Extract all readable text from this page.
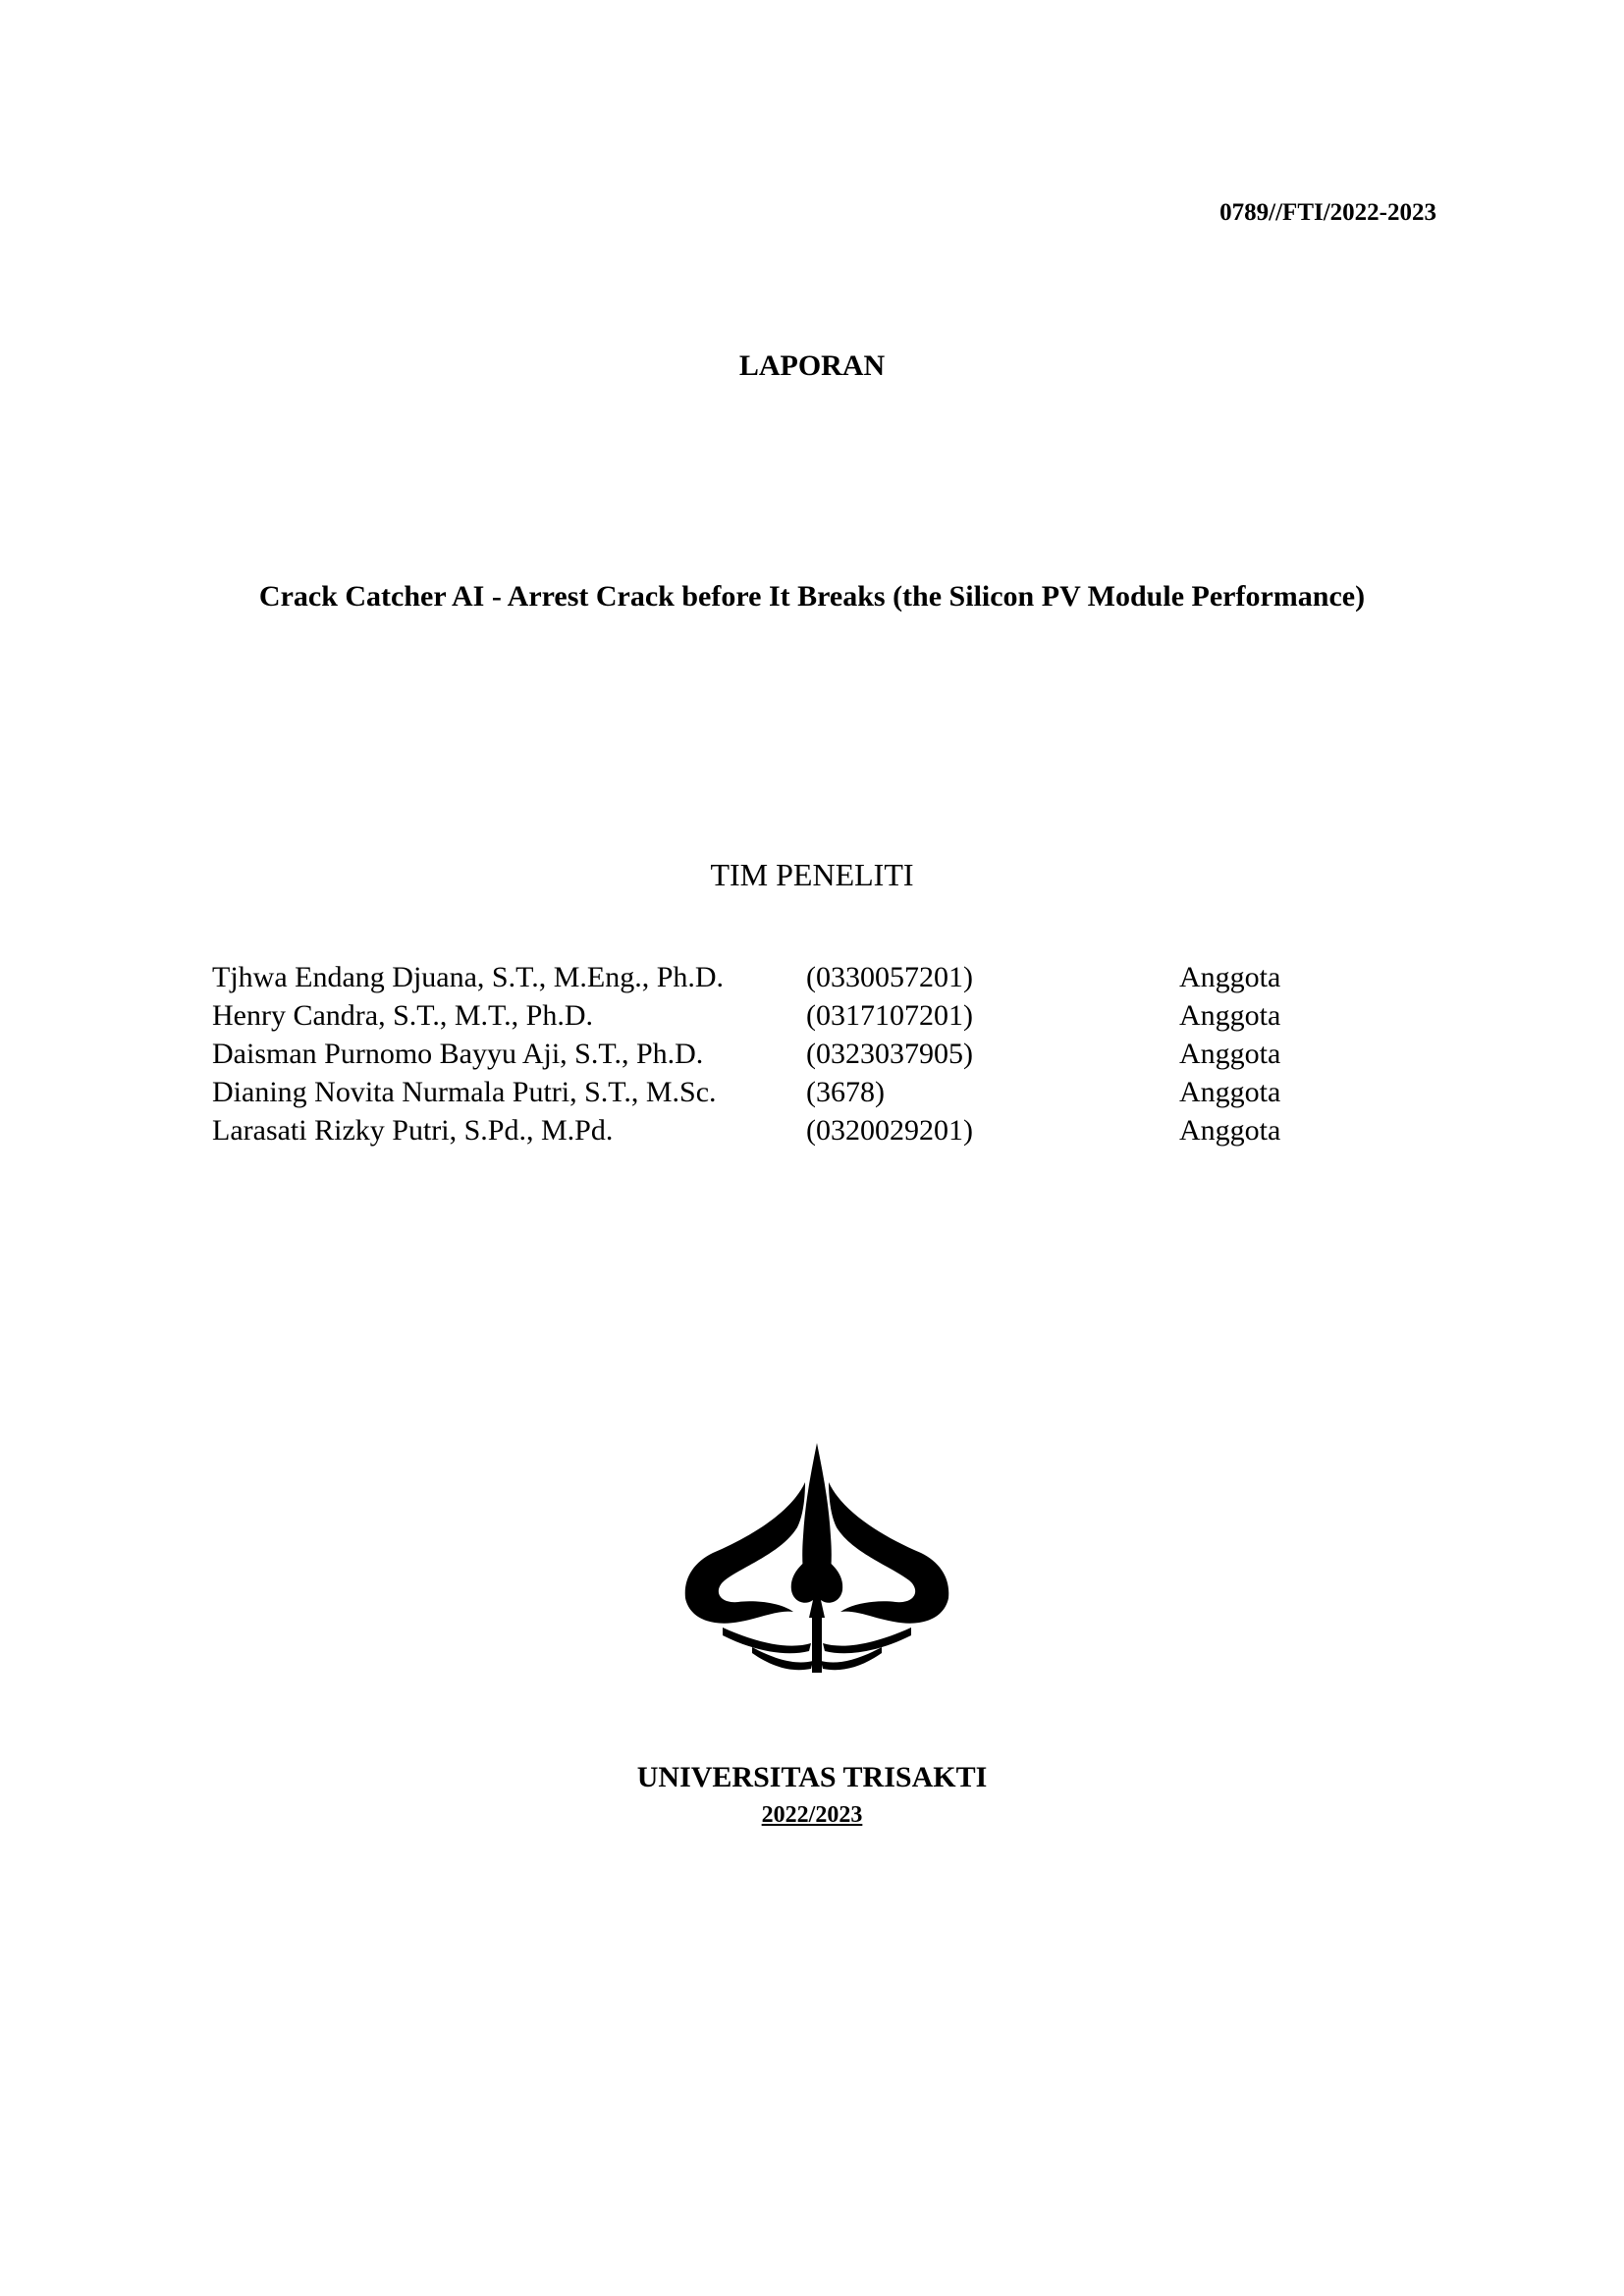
0789//FTI/2022-2023
LAPORAN
Crack Catcher AI - Arrest Crack before It Breaks (the Silicon PV Module Performance)
TIM PENELITI
Tjhwa Endang Djuana, S.T., M.Eng., Ph.D.	(0330057201)	Anggota
Henry Candra, S.T., M.T., Ph.D.	(0317107201)	Anggota
Daisman Purnomo Bayyu Aji, S.T., Ph.D.	(0323037905)	Anggota
Dianing Novita Nurmala Putri, S.T., M.Sc.	(3678)	Anggota
Larasati Rizky Putri, S.Pd., M.Pd.	(0320029201)	Anggota
UNIVERSITAS TRISAKTI
2022/2023
